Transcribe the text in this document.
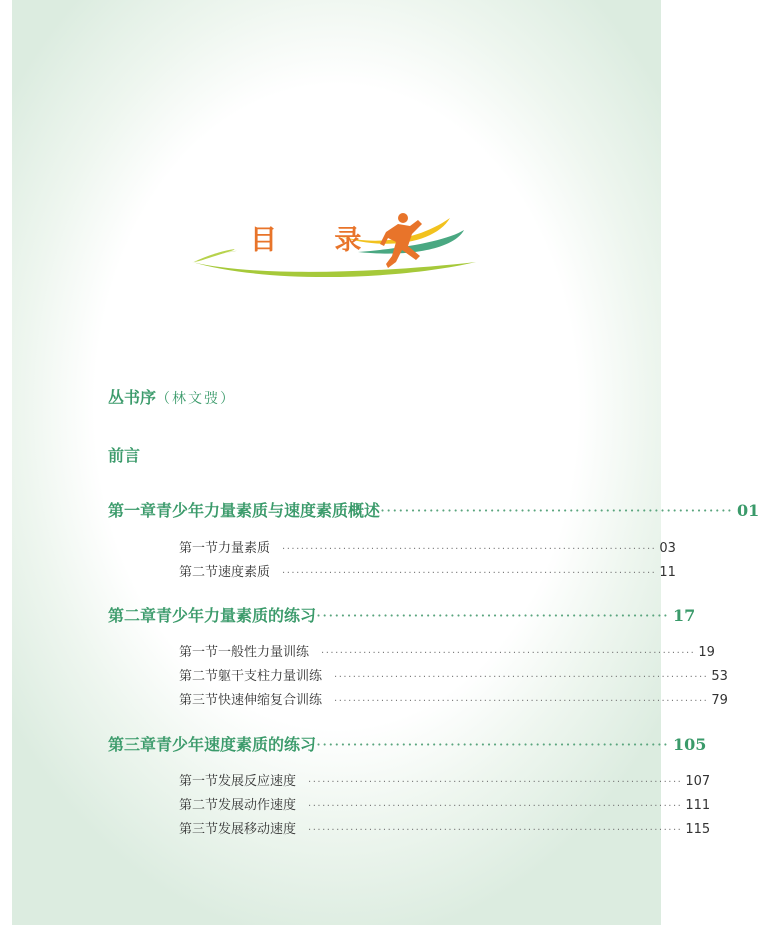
目 录
丛书序（林文弢）
前言
第一章 青少年力量素质与速度素质概述 ·························································· 01
第一节 力量素质 ················································································ 03
第二节 速度素质 ················································································ 11
第二章 青少年力量素质的练习 ·························································· 17
第一节 一般性力量训练 ················································································ 19
第二节 躯干支柱力量训练 ················································································ 53
第三节 快速伸缩复合训练 ················································································ 79
第三章 青少年速度素质的练习 ·························································· 105
第一节 发展反应速度 ················································································ 107
第二节 发展动作速度 ················································································ 111
第三节 发展移动速度 ················································································ 115
